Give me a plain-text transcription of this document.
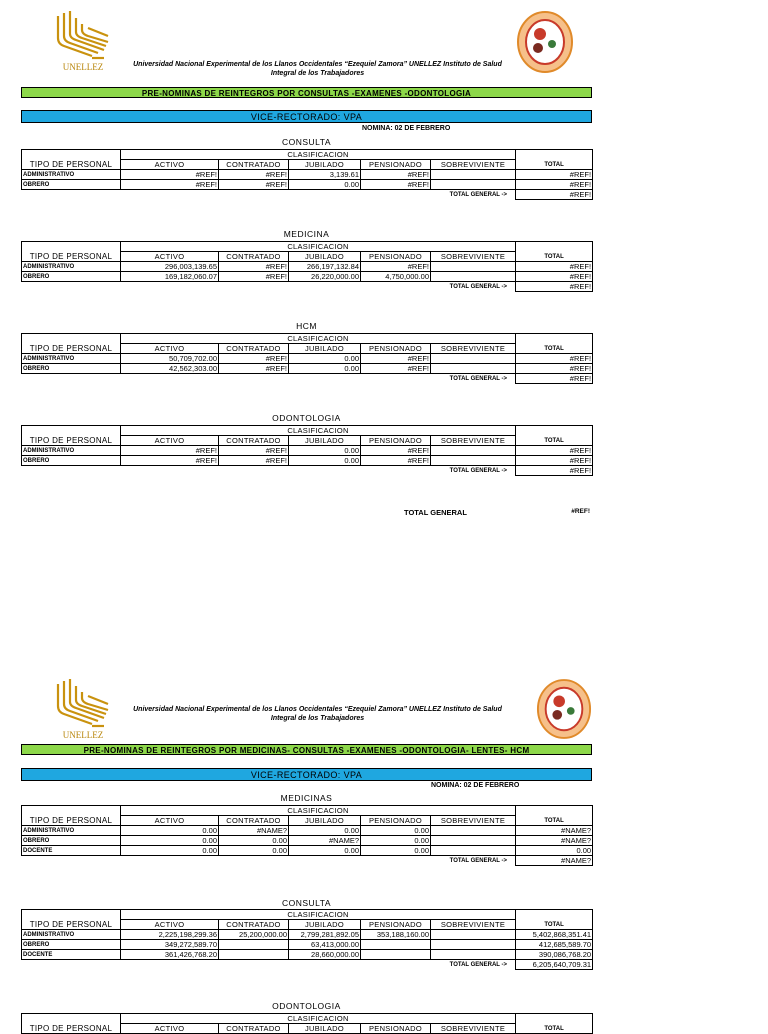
UNELLEZ	Universidad Nacional Experimental de los Llanos Occidentales “Ezequiel Zamora” UNELLEZ Instituto de Salud Integral de los Trabajadores
PRE-NOMINAS DE REINTEGROS POR CONSULTAS -EXAMENES -ODONTOLOGIA
VICE-RECTORADO: VPA
NOMINA: 02 DE FEBRERO
CONSULTA
TIPO DE PERSONAL	CLASIFICACION					TOTAL
	ACTIVO	CONTRATADO	JUBILADO	PENSIONADO	SOBREVIVIENTE	
ADMINISTRATIVO	#REF!	#REF!	3,139.61	#REF!		#REF!
OBRERO	#REF!	#REF!	0.00	#REF!		#REF!
TOTAL GENERAL ->						#REF!
MEDICINA
TIPO DE PERSONAL	CLASIFICACION					TOTAL
	ACTIVO	CONTRATADO	JUBILADO	PENSIONADO	SOBREVIVIENTE	
ADMINISTRATIVO	296,003,139.65	#REF!	266,197,132.84	#REF!		#REF!
OBRERO	169,182,060.07	#REF!	26,220,000.00	4,750,000.00		#REF!
TOTAL GENERAL ->						#REF!
HCM
TIPO DE PERSONAL	CLASIFICACION					TOTAL
	ACTIVO	CONTRATADO	JUBILADO	PENSIONADO	SOBREVIVIENTE	
ADMINISTRATIVO	50,709,702.00	#REF!	0.00	#REF!		#REF!
OBRERO	42,562,303.00	#REF!	0.00	#REF!		#REF!
TOTAL GENERAL ->						#REF!
ODONTOLOGIA
TIPO DE PERSONAL	CLASIFICACION					TOTAL
	ACTIVO	CONTRATADO	JUBILADO	PENSIONADO	SOBREVIVIENTE	
ADMINISTRATIVO	#REF!	#REF!	0.00	#REF!		#REF!
OBRERO	#REF!	#REF!	0.00	#REF!		#REF!
TOTAL GENERAL ->						#REF!
TOTAL GENERAL	#REF!
UNELLEZ
Universidad Nacional Experimental de los Llanos Occidentales “Ezequiel Zamora” UNELLEZ Instituto de Salud Integral de los Trabajadores
PRE-NOMINAS DE REINTEGROS POR MEDICINAS- CONSULTAS -EXAMENES -ODONTOLOGIA- LENTES- HCM
VICE-RECTORADO: VPA
NOMINA: 02 DE FEBRERO
MEDICINAS
TIPO DE PERSONAL	CLASIFICACION					TOTAL
	ACTIVO	CONTRATADO	JUBILADO	PENSIONADO	SOBREVIVIENTE	
ADMINISTRATIVO	0.00	#NAME?	0.00	0.00		#NAME?
OBRERO	0.00	0.00	#NAME?	0.00		#NAME?
DOCENTE	0.00	0.00	0.00	0.00		0.00
TOTAL GENERAL ->						#NAME?
CONSULTA
TIPO DE PERSONAL	CLASIFICACION					TOTAL
	ACTIVO	CONTRATADO	JUBILADO	PENSIONADO	SOBREVIVIENTE	
ADMINISTRATIVO	2,225,198,299.36	25,200,000.00	2,799,281,892.05	353,188,160.00		5,402,868,351.41
OBRERO	349,272,589.70		63,413,000.00			412,685,589.70
DOCENTE	361,426,768.20		28,660,000.00			390,086,768.20
TOTAL GENERAL ->						6,205,640,709.31
ODONTOLOGIA
TIPO DE PERSONAL	CLASIFICACION					TOTAL
	ACTIVO	CONTRATADO	JUBILADO	PENSIONADO	SOBREVIVIENTE	
